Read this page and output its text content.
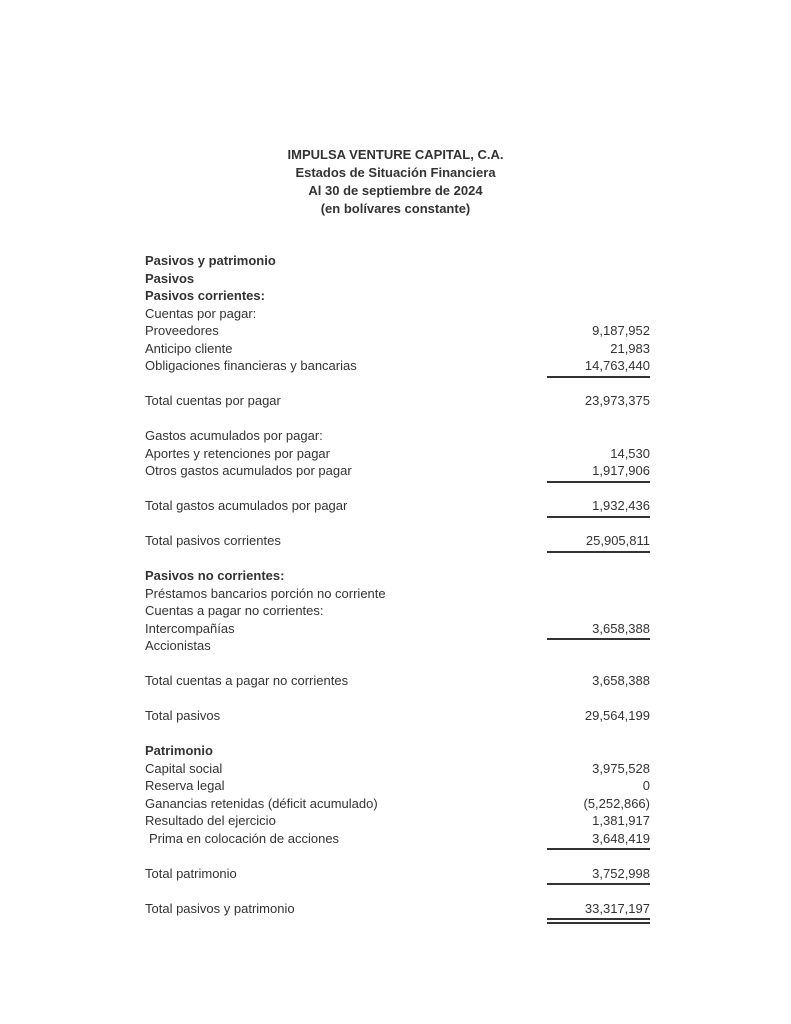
IMPULSA VENTURE CAPITAL, C.A.
Estados de Situación Financiera
Al 30 de septiembre de 2024
(en bolívares constante)
Pasivos y patrimonio
Pasivos
Pasivos corrientes:
Cuentas por pagar:
Proveedores	9,187,952
Anticipo cliente	21,983
Obligaciones financieras y bancarias	14,763,440
Total cuentas por pagar	23,973,375
Gastos acumulados por pagar:
Aportes y retenciones por pagar	14,530
Otros gastos acumulados por pagar	1,917,906
Total gastos acumulados por pagar	1,932,436
Total pasivos corrientes	25,905,811
Pasivos no corrientes:
Préstamos bancarios porción no corriente
Cuentas a pagar no corrientes:
Intercompañías	3,658,388
Accionistas
Total cuentas a pagar no corrientes	3,658,388
Total pasivos	29,564,199
Patrimonio
Capital social	3,975,528
Reserva legal	0
Ganancias retenidas (déficit acumulado)	(5,252,866)
Resultado del ejercicio	1,381,917
Prima en colocación de acciones	3,648,419
Total patrimonio	3,752,998
Total pasivos y patrimonio	33,317,197
